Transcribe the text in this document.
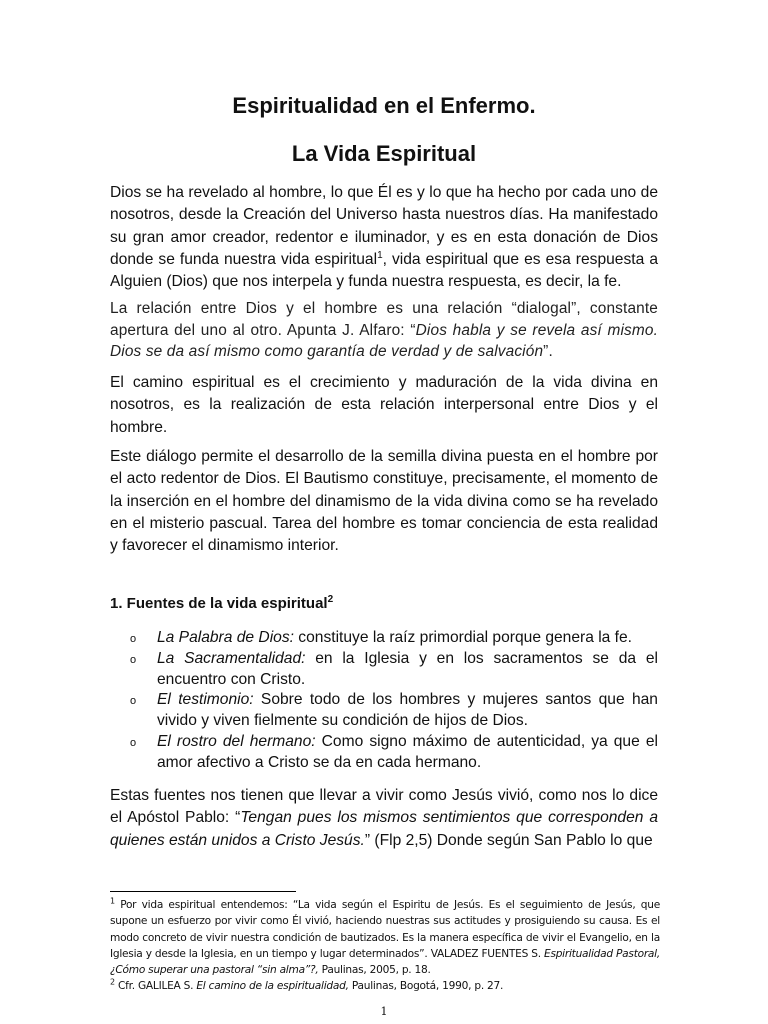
Espiritualidad en el Enfermo.
La Vida Espiritual

Dios se ha revelado al hombre, lo que Él es y lo que ha hecho por cada uno de nosotros, desde la Creación del Universo hasta nuestros días. Ha manifestado su gran amor creador, redentor e iluminador, y es en esta donación de Dios donde se funda nuestra vida espiritual$^1$, vida espiritual que es esa respuesta a Alguien (Dios) que nos interpela y funda nuestra respuesta, es decir, la fe.

La relación entre Dios y el hombre es una relación “dialogal”, constante apertura del uno al otro. Apunta J. Alfaro: “Dios habla y se revela así mismo. Dios se da así mismo como garantía de verdad y de salvación”.

El camino espiritual es el crecimiento y maduración de la vida divina en nosotros, es la realización de esta relación interpersonal entre Dios y el hombre.

Este diálogo permite el desarrollo de la semilla divina puesta en el hombre por el acto redentor de Dios. El Bautismo constituye, precisamente, el momento de la inserción en el hombre del dinamismo de la vida divina como se ha revelado en el misterio pascual. Tarea del hombre es tomar conciencia de esta realidad y favorecer el dinamismo interior.

1. Fuentes de la vida espiritual$^2$
o La Palabra de Dios: constituye la raíz primordial porque genera la fe.
o La Sacramentalidad: en la Iglesia y en los sacramentos se da el encuentro con Cristo.
o El testimonio: Sobre todo de los hombres y mujeres santos que han vivido y viven fielmente su condición de hijos de Dios.
o El rostro del hermano: Como signo máximo de autenticidad, ya que el amor afectivo a Cristo se da en cada hermano.

Estas fuentes nos tienen que llevar a vivir como Jesús vivió, como nos lo dice el Apóstol Pablo: “Tengan pues los mismos sentimientos que corresponden a quienes están unidos a Cristo Jesús.” (Flp 2,5) Donde según San Pablo lo que

$^1$ Por vida espiritual entendemos: “La vida según el Espiritu de Jesús. Es el seguimiento de Jesús, que supone un esfuerzo por vivir como Él vivió, haciendo nuestras sus actitudes y prosiguiendo su causa. Es el modo concreto de vivir nuestra condición de bautizados. Es la manera específica de vivir el Evangelio, en la Iglesia y desde la Iglesia, en un tiempo y lugar determinados”. VALADEZ FUENTES S. Espiritualidad Pastoral,¿Cómo superar una pastoral “sin alma”?, Paulinas, 2005, p. 18.

$^2$ Cfr. GALILEA S. El camino de la espiritualidad, Paulinas, Bogotá, 1990, p. 27.

1
